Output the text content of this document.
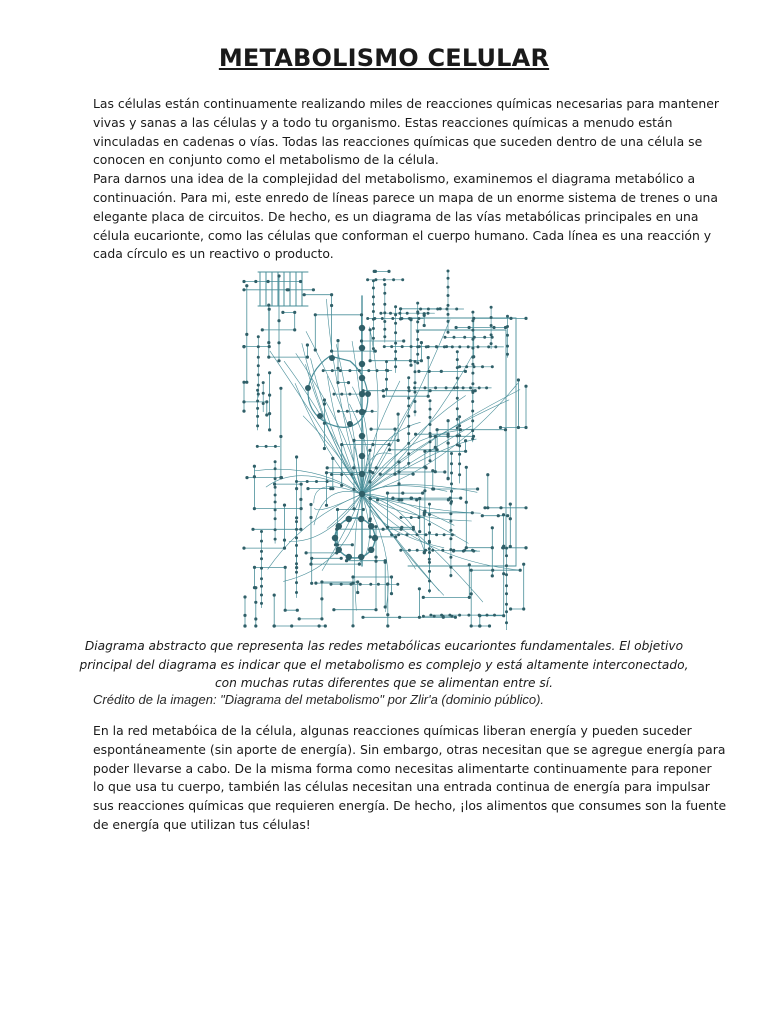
METABOLISMO CELULAR

Las células están continuamente realizando miles de reacciones químicas necesarias para mantener
vivas y sanas a las células y a todo tu organismo. Estas reacciones químicas a menudo están
vinculadas en cadenas o vías. Todas las reacciones químicas que suceden dentro de una célula se
conocen en conjunto como el metabolismo de la célula.
Para darnos una idea de la complejidad del metabolismo, examinemos el diagrama metabólico a
continuación. Para mi, este enredo de líneas parece un mapa de un enorme sistema de trenes o una
elegante placa de circuitos. De hecho, es un diagrama de las vías metabólicas principales en una
célula eucarionte, como las células que conforman el cuerpo humano. Cada línea es una reacción y
cada círculo es un reactivo o producto.

Diagrama abstracto que representa las redes metabólicas eucariontes fundamentales. El objetivo
principal del diagrama es indicar que el metabolismo es complejo y está altamente interconectado,
con muchas rutas diferentes que se alimentan entre sí.

Crédito de la imagen: "Diagrama del metabolismo" por Zlir'a (dominio público).

En la red metabóica de la célula, algunas reacciones químicas liberan energía y pueden suceder
espontáneamente (sin aporte de energía). Sin embargo, otras necesitan que se agregue energía para
poder llevarse a cabo. De la misma forma como necesitas alimentarte continuamente para reponer
lo que usa tu cuerpo, también las células necesitan una entrada continua de energía para impulsar
sus reacciones químicas que requieren energía. De hecho, ¡los alimentos que consumes son la fuente
de energía que utilizan tus células!
